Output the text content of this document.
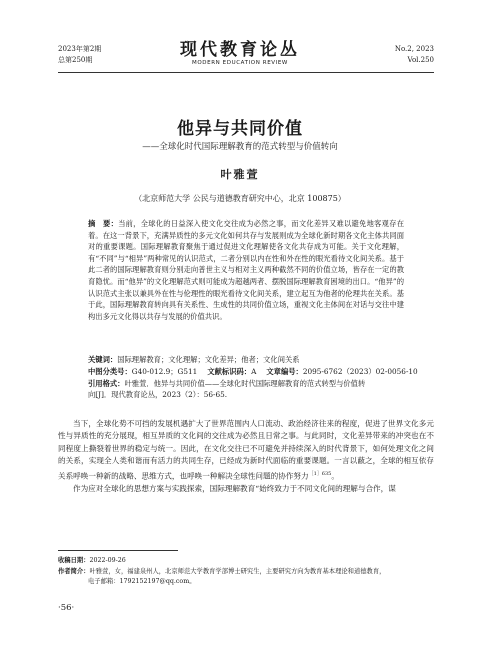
2023年第2期
总第250期	现代教育论丛
MODERN EDUCATION REVIEW
No.2, 2023
Vol.250
他异与共同价值
——全球化时代国际理解教育的范式转型与价值转向
叶雅萱
（北京师范大学 公民与道德教育研究中心，北京 100875）
摘　要：当前，全球化的日益深入使文化交往成为必然之事，而文化差异又难以避免地客观存在着。在这一背景下，充满异质性的多元文化如何共存与发展则成为全球化新时期各文化主体共同面对的重要课题。国际理解教育聚焦于通过促进文化理解使各文化共存成为可能。关于文化理解，有“不同”与“相异”两种常见的认识范式，二者分别以内在性和外在性的眼光看待文化间关系。基于此二者的国际理解教育则分别走向普世主义与相对主义两种截然不同的价值立场，皆存在一定的教育隐忧。而“他异”的文化理解范式则可能成为超越两者、摆脱国际理解教育困境的出口。“他异”的认识范式主张以兼具外在性与伦理性的眼光看待文化间关系，建立起互为他者的伦理共在关系。基于此，国际理解教育转向具有关系性、生成性的共同价值立场，重视文化主体间在对话与交往中建构出多元文化得以共存与发展的价值共识。
关键词：国际理解教育；文化理解；文化差异；他者；文化间关系
中图分类号：G40-012.9；G511 文献标识码：A 文章编号：2095-6762（2023）02-0056-10
引用格式：叶雅萱．他异与共同价值——全球化时代国际理解教育的范式转型与价值转
向[J]．现代教育论丛，2023（2）：56-65.

当下，全球化势不可挡的发展机遇扩大了世界范围内人口流动、政治经济往来的程度，促进了世界文化多元性与异质性的充分展现，相互异质的文化间的交往成为必然且日常之事。与此同时，文化差异带来的冲突也在不同程度上撕裂着世界的稳定与统一。因此，在文化交往已不可避免并持续深入的时代背景下，如何处理文化之间的关系，实现全人类和谐而有活力的共同生存，已经成为新时代面临的重要课题。一言以蔽之，全球的相互依存关系呼唤一种新的战略、思维方式，也呼唤一种解决全球性问题的协作努力$^{[1]635}$。

作为应对全球化的思想方案与实践探索，国际理解教育“始终致力于不同文化间的理解与合作，谋

收稿日期：2022-09-26
作者简介：叶雅萱，女，福建泉州人，北京师范大学教育学部博士研究生，主要研究方向为教育基本理论和道德教育，
电子邮箱：1792152197@qq.com。
·56·
